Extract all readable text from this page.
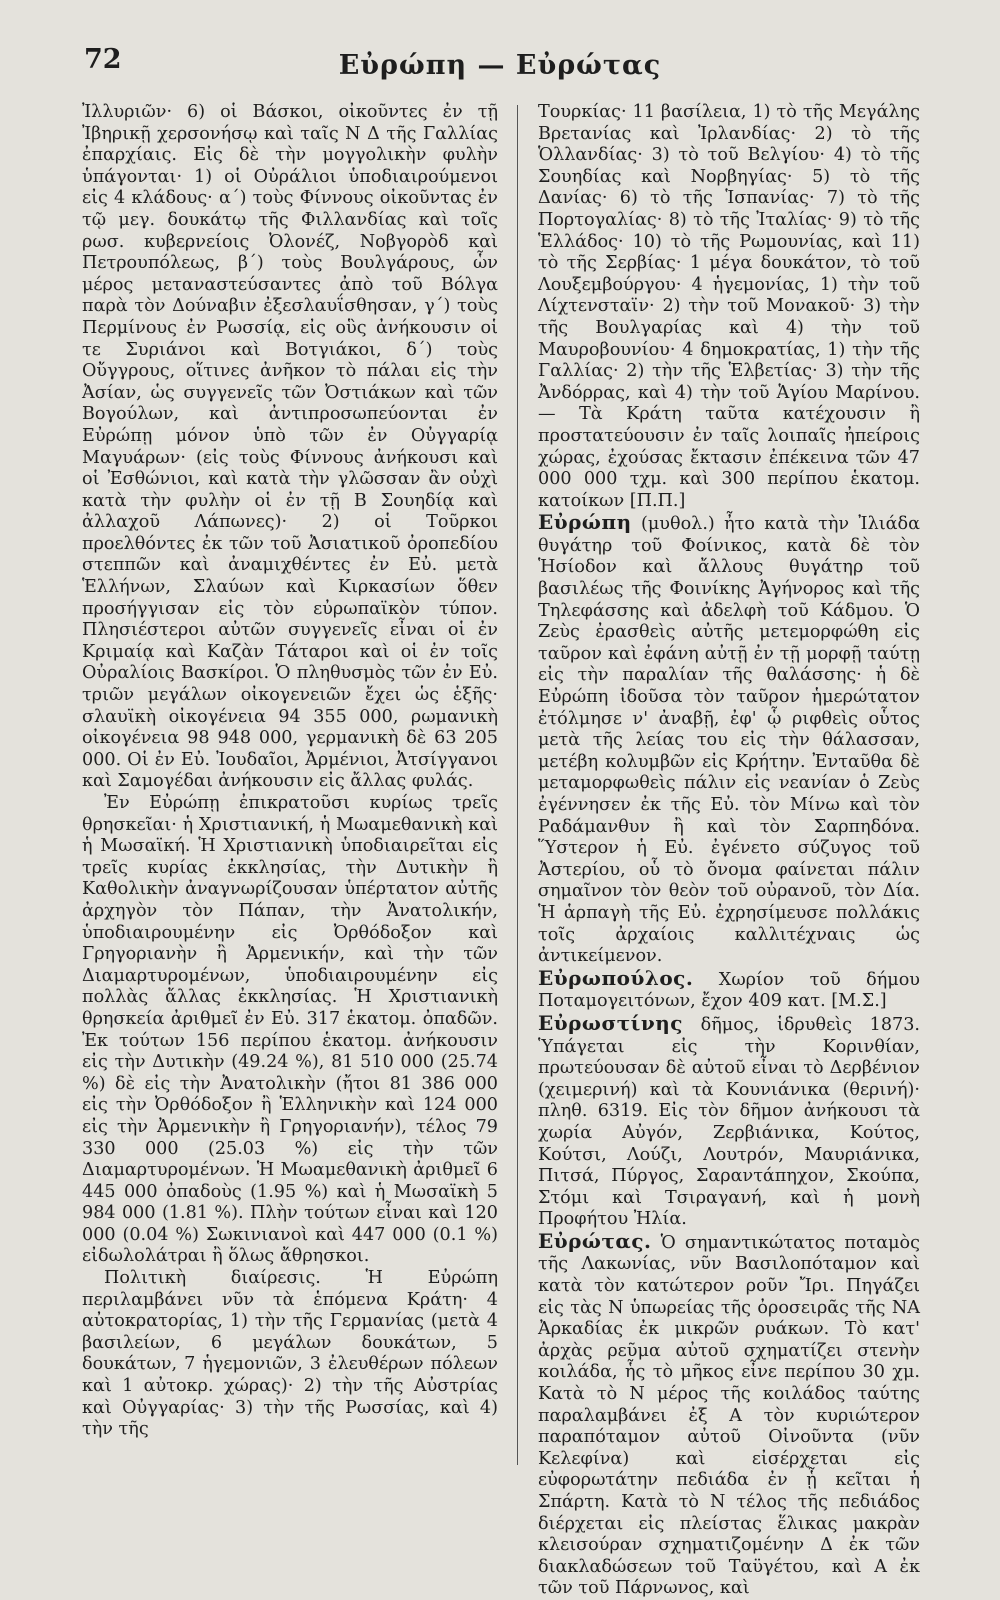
72	Εὐρώπη — Εὐρώτας

Ἰλλυριῶν· 6) οἱ Βάσκοι, οἰκοῦντες ἐν τῇ Ἰβηρικῇ χερσονήσῳ καὶ ταῖς Ν Δ τῆς Γαλλίας ἐπαρχίαις. Εἰς δὲ τὴν μογγολικὴν φυλὴν ὑπάγονται· 1) οἱ Οὐράλιοι ὑποδιαιρούμενοι εἰς 4 κλάδους· α΄) τοὺς Φίννους οἰκοῦντας ἐν τῷ μεγ. δουκάτῳ τῆς Φιλλανδίας καὶ τοῖς ρωσ. κυβερνείοις Ὀλονέζ, Νοβγορὸδ καὶ Πετρουπόλεως, β΄) τοὺς Βουλγάρους, ὧν μέρος μεταναστεύσαντες ἀπὸ τοῦ Βόλγα παρὰ τὸν Δούναβιν ἐξεσλαυΐσθησαν, γ΄) τοὺς Περμίνους ἐν Ρωσσίᾳ, εἰς οὓς ἀνήκουσιν οἱ τε Συριάνοι καὶ Βοτγιάκοι, δ΄) τοὺς Οὔγγρους, οἵτινες ἀνῆκον τὸ πάλαι εἰς τὴν Ἀσίαν, ὡς συγγενεῖς τῶν Ὀστιάκων καὶ τῶν Βογούλων, καὶ ἀντιπροσωπεύονται ἐν Εὐρώπῃ μόνον ὑπὸ τῶν ἐν Οὐγγαρίᾳ Μαγυάρων· (εἰς τοὺς Φίννους ἀνήκουσι καὶ οἱ Ἐσθώνιοι, καὶ κατὰ τὴν γλῶσσαν ἂν οὐχὶ κατὰ τὴν φυλὴν οἱ ἐν τῇ Β Σουηδίᾳ καὶ ἀλλαχοῦ Λάπωνες)· 2) οἱ Τοῦρκοι προελθόντες ἐκ τῶν τοῦ Ἀσιατικοῦ ὀροπεδίου στεππῶν καὶ ἀναμιχθέντες ἐν Εὐ. μετὰ Ἑλλήνων, Σλαύων καὶ Κιρκασίων ὅθεν προσήγγισαν εἰς τὸν εὐρωπαϊκὸν τύπον. Πλησιέστεροι αὐτῶν συγγενεῖς εἶναι οἱ ἐν Κριμαίᾳ καὶ Καζὰν Τάταροι καὶ οἱ ἐν τοῖς Οὐραλίοις Βασκίροι. Ὁ πληθυσμὸς τῶν ἐν Εὐ. τριῶν μεγάλων οἰκογενειῶν ἔχει ὡς ἑξῆς· σλαυϊκὴ οἰκογένεια 94 355 000, ρωμανικὴ οἰκογένεια 98 948 000, γερμανικὴ δὲ 63 205 000. Οἱ ἐν Εὐ. Ἰουδαῖοι, Ἀρμένιοι, Ἀτσίγγανοι καὶ Σαμογέδαι ἀνήκουσιν εἰς ἄλλας φυλάς.

Ἐν Εὐρώπῃ ἐπικρατοῦσι κυρίως τρεῖς θρησκεῖαι· ἡ Χριστιανική, ἡ Μωαμεθανικὴ καὶ ἡ Μωσαϊκή. Ἡ Χριστιανικὴ ὑποδιαιρεῖται εἰς τρεῖς κυρίας ἐκκλησίας, τὴν Δυτικὴν ἢ Καθολικὴν ἀναγνωρίζουσαν ὑπέρτατον αὐτῆς ἀρχηγὸν τὸν Πάπαν, τὴν Ἀνατολικήν, ὑποδιαιρουμένην εἰς Ὀρθόδοξον καὶ Γρηγοριανὴν ἢ Ἀρμενικήν, καὶ τὴν τῶν Διαμαρτυρομένων, ὑποδιαιρουμένην εἰς πολλὰς ἄλλας ἐκκλησίας. Ἡ Χριστιανικὴ θρησκεία ἀριθμεῖ ἐν Εὐ. 317 ἑκατομ. ὀπαδῶν. Ἐκ τούτων 156 περίπου ἑκατομ. ἀνήκουσιν εἰς τὴν Δυτικὴν (49.24 %), 81 510 000 (25.74 %) δὲ εἰς τὴν Ἀνατολικὴν (ἤτοι 81 386 000 εἰς τὴν Ὀρθόδοξον ἢ Ἑλληνικὴν καὶ 124 000 εἰς τὴν Ἀρμενικὴν ἢ Γρηγοριανήν), τέλος 79 330 000 (25.03 %) εἰς τὴν τῶν Διαμαρτυρομένων. Ἡ Μωαμεθανικὴ ἀριθμεῖ 6 445 000 ὀπαδοὺς (1.95 %) καὶ ἡ Μωσαϊκὴ 5 984 000 (1.81 %). Πλὴν τούτων εἶναι καὶ 120 000 (0.04 %) Σωκινιανοὶ καὶ 447 000 (0.1 %) εἰδωλολάτραι ἢ ὅλως ἄθρησκοι.

Πολιτικὴ διαίρεσις. Ἡ Εὐρώπη περιλαμβάνει νῦν τὰ ἑπόμενα Κράτη· 4 αὐτοκρατορίας, 1) τὴν τῆς Γερμανίας (μετὰ 4 βασιλείων, 6 μεγάλων δουκάτων, 5 δουκάτων, 7 ἡγεμονιῶν, 3 ἐλευθέρων πόλεων καὶ 1 αὐτοκρ. χώρας)· 2) τὴν τῆς Αὐστρίας καὶ Οὐγγαρίας· 3) τὴν τῆς Ρωσσίας, καὶ 4) τὴν τῆς

Τουρκίας· 11 βασίλεια, 1) τὸ τῆς Μεγάλης Βρετανίας καὶ Ἰρλανδίας· 2) τὸ τῆς Ὁλλανδίας· 3) τὸ τοῦ Βελγίου· 4) τὸ τῆς Σουηδίας καὶ Νορβηγίας· 5) τὸ τῆς Δανίας· 6) τὸ τῆς Ἱσπανίας· 7) τὸ τῆς Πορτογαλίας· 8) τὸ τῆς Ἰταλίας· 9) τὸ τῆς Ἑλλάδος· 10) τὸ τῆς Ρωμουνίας, καὶ 11) τὸ τῆς Σερβίας· 1 μέγα δουκάτον, τὸ τοῦ Λουξεμβούργου· 4 ἡγεμονίας, 1) τὴν τοῦ Λίχτενσταϊν· 2) τὴν τοῦ Μονακοῦ· 3) τὴν τῆς Βουλγαρίας καὶ 4) τὴν τοῦ Μαυροβουνίου· 4 δημοκρατίας, 1) τὴν τῆς Γαλλίας· 2) τὴν τῆς Ἑλβετίας· 3) τὴν τῆς Ἀνδόρρας, καὶ 4) τὴν τοῦ Ἁγίου Μαρίνου. — Τὰ Κράτη ταῦτα κατέχουσιν ἢ προστατεύουσιν ἐν ταῖς λοιπαῖς ἠπείροις χώρας, ἐχούσας ἔκτασιν ἐπέκεινα τῶν 47 000 000 τχμ. καὶ 300 περίπου ἑκατομ. κατοίκων [Π.Π.]

Εὐρώπη (μυθολ.) ἦτο κατὰ τὴν Ἰλιάδα θυγάτηρ τοῦ Φοίνικος, κατὰ δὲ τὸν Ἡσίοδον καὶ ἄλλους θυγάτηρ τοῦ βασιλέως τῆς Φοινίκης Ἀγήνορος καὶ τῆς Τηλεφάσσης καὶ ἀδελφὴ τοῦ Κάδμου. Ὁ Ζεὺς ἐρασθεὶς αὐτῆς μετεμορφώθη εἰς ταῦρον καὶ ἐφάνη αὐτῇ ἐν τῇ μορφῇ ταύτῃ εἰς τὴν παραλίαν τῆς θαλάσσης· ἡ δὲ Εὐρώπη ἰδοῦσα τὸν ταῦρον ἡμερώτατον ἐτόλμησε ν' ἀναβῇ, ἐφ' ᾧ ριφθεὶς οὗτος μετὰ τῆς λείας του εἰς τὴν θάλασσαν, μετέβη κολυμβῶν εἰς Κρήτην. Ἐνταῦθα δὲ μεταμορφωθεὶς πάλιν εἰς νεανίαν ὁ Ζεὺς ἐγέννησεν ἐκ τῆς Εὐ. τὸν Μίνω καὶ τὸν Ραδάμανθυν ἢ καὶ τὸν Σαρπηδόνα. Ὕστερον ἡ Εὐ. ἐγένετο σύζυγος τοῦ Ἀστερίου, οὗ τὸ ὄνομα φαίνεται πάλιν σημαῖνον τὸν θεὸν τοῦ οὐρανοῦ, τὸν Δία. Ἡ ἁρπαγὴ τῆς Εὐ. ἐχρησίμευσε πολλάκις τοῖς ἀρχαίοις καλλιτέχναις ὡς ἀντικείμενον.

Εὐρωπούλος. Χωρίον τοῦ δήμου Ποταμογειτόνων, ἔχον 409 κατ. [Μ.Σ.]

Εὐρωστίνης δῆμος, ἱδρυθεὶς 1873. Ὑπάγεται εἰς τὴν Κορινθίαν, πρωτεύουσαν δὲ αὐτοῦ εἶναι τὸ Δερβένιον (χειμερινή) καὶ τὰ Κουνιάνικα (θερινή)· πληθ. 6319. Εἰς τὸν δῆμον ἀνήκουσι τὰ χωρία Αὐγόν, Ζερβιάνικα, Κούτος, Κούτσι, Λούζι, Λουτρόν, Μαυριάνικα, Πιτσά, Πύργος, Σαραντάπηχον, Σκούπα, Στόμι καὶ Τσιραγανή, καὶ ἡ μονὴ Προφήτου Ἠλία.

Εὐρώτας. Ὁ σημαντικώτατος ποταμὸς τῆς Λακωνίας, νῦν Βασιλοπόταμον καὶ κατὰ τὸν κατώτερον ροῦν Ἴρι. Πηγάζει εἰς τὰς Ν ὑπωρείας τῆς ὀροσειρᾶς τῆς ΝΑ Ἀρκαδίας ἐκ μικρῶν ρυάκων. Τὸ κατ' ἀρχὰς ρεῦμα αὐτοῦ σχηματίζει στενὴν κοιλάδα, ἧς τὸ μῆκος εἶνε περίπου 30 χμ. Κατὰ τὸ Ν μέρος τῆς κοιλάδος ταύτης παραλαμβάνει ἐξ Α τὸν κυριώτερον παραπόταμον αὐτοῦ Οἰνοῦντα (νῦν Κελεφίνα) καὶ εἰσέρχεται εἰς εὐφορωτάτην πεδιάδα ἐν ᾗ κεῖται ἡ Σπάρτη. Κατὰ τὸ Ν τέλος τῆς πεδιάδος διέρχεται εἰς πλείστας ἕλικας μακρὰν κλεισούραν σχηματιζομένην Δ ἐκ τῶν διακλαδώσεων τοῦ Ταϋγέτου, καὶ Α ἐκ τῶν τοῦ Πάρνωνος, καὶ
